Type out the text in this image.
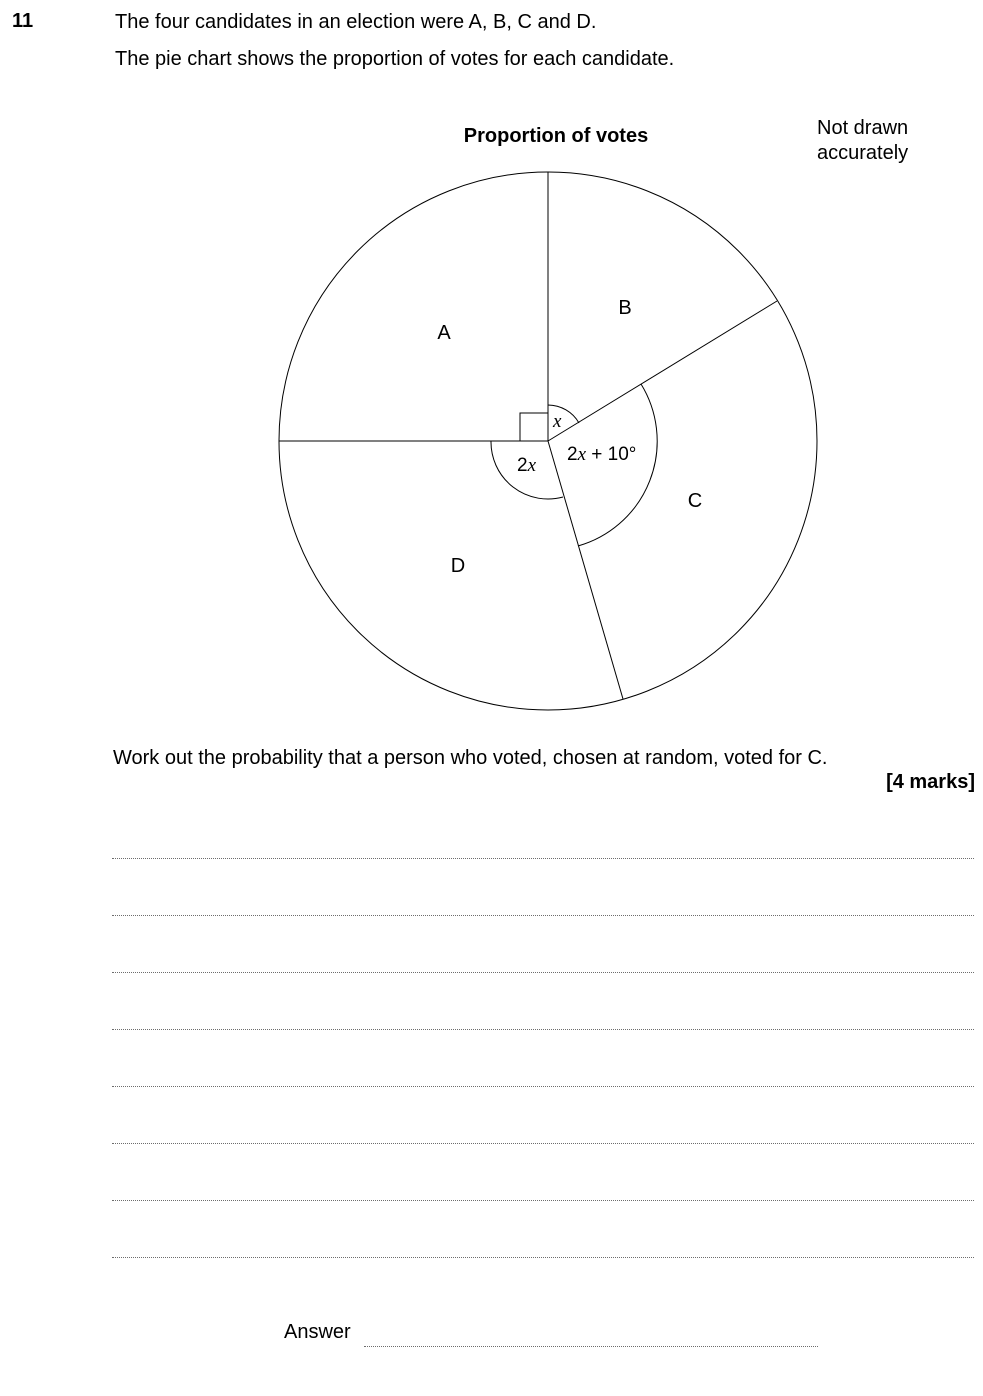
11	The four candidates in an election were A, B, C and D.
The pie chart shows the proportion of votes for each candidate.
Not drawn
accurately
Proportion of votes
A
B
C
D
x
2x + 10°
2x
Work out the probability that a person who voted, chosen at random, voted for C.
[4 marks]
Answer
